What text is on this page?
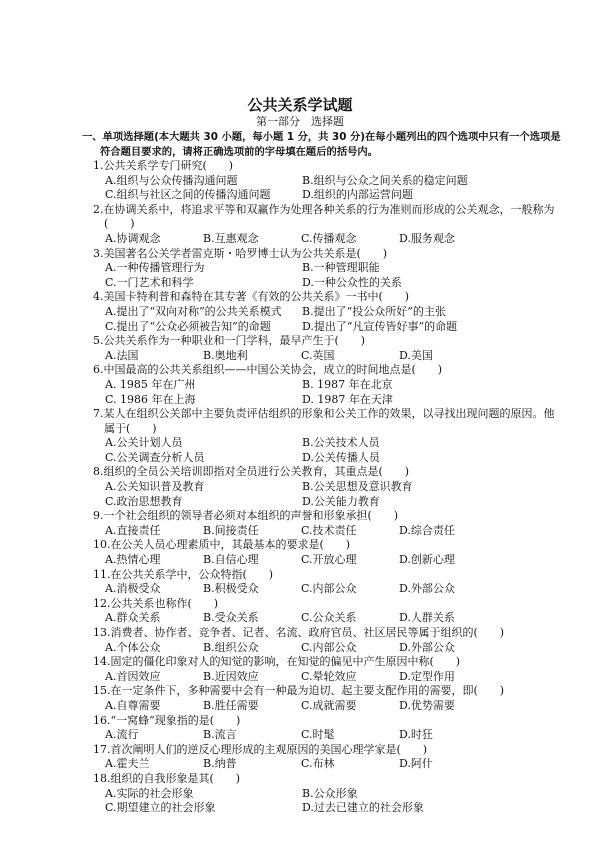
公共关系学试题

第一部分　选择题

一、单项选择题(本大题共 30 小题，每小题 1 分，共 30 分)在每小题列出的四个选项中只有一个选项是符合题目要求的，请将正确选项前的字母填在题后的括号内。

1.公共关系学专门研究(　　)

A.组织与公众传播沟通问题	B.组织与公众之间关系的稳定问题
C.组织与社区之间的传播沟通问题	D.组织的内部运营问题

2.在协调关系中，将追求平等和双赢作为处理各种关系的行为准则而形成的公关观念，一般称为(　　)

A.协调观念	B.互惠观念	C.传播观念	D.服务观念

3.美国著名公关学者雷克斯・哈罗博士认为公共关系是(　　)

A.一种传播管理行为	B.一种管理职能
C.一门艺术和科学	D.一种公众性的关系

4.美国卡特利普和森特在其专著《有效的公共关系》一书中(　　)

A.提出了“双向对称”的公共关系模式	B.提出了“投公众所好”的主张
C.提出了“公众必须被告知”的命题	D.提出了“凡宣传皆好事”的命题

5.公共关系作为一种职业和一门学科，最早产生于(　　)

A.法国	B.奥地利	C.英国	D.美国

6.中国最高的公共关系组织——中国公关协会，成立的时间地点是(　　)

A. 1985 年在广州	B. 1987 年在北京
C. 1986 年在上海	D. 1987 年在天津

7.某人在组织公关部中主要负责评估组织的形象和公关工作的效果，以寻找出现问题的原因。他属于(　　)

A.公关计划人员	B.公关技术人员
C.公关调查分析人员	D.公关传播人员

8.组织的全员公关培训即指对全员进行公关教育，其重点是(　　)

A.公关知识普及教育	B.公关思想及意识教育
C.政治思想教育	D.公关能力教育

9.一个社会组织的领导者必须对本组织的声誉和形象承担(　　)

A.直接责任	B.间接责任	C.技术责任	D.综合责任

10.在公关人员心理素质中，其最基本的要求是(　　)

A.热情心理	B.自信心理	C.开放心理	D.创新心理

11.在公共关系学中，公众特指(　　)

A.消极受众	B.积极受众	C.内部公众	D.外部公众

12.公共关系也称作(　　)

A.群众关系	B.受众关系	C.公众关系	D.人群关系

13.消费者、协作者、竞争者、记者、名流、政府官员、社区居民等属于组织的(　　)

A.个体公众	B.组织公众	C.内部公众	D.外部公众

14.固定的僵化印象对人的知觉的影响，在知觉的偏见中产生原因中称(　　)

A.首因效应	B.近因效应	C.晕轮效应	D.定型作用

15.在一定条件下，多种需要中会有一种最为迫切、起主要支配作用的需要，即(　　)

A.自尊需要	B.胜任需要	C.成就需要	D.优势需要

16.“一窝蜂”现象指的是(　　)

A.流行	B.流言	C.时髦	D.时狂

17.首次阐明人们的逆反心理形成的主观原因的美国心理学家是(　　)

A.霍夫兰	B.纳普	C.布林	D.阿什

18.组织的自我形象是其(　　)

A.实际的社会形象	B.公众形象
C.期望建立的社会形象	D.过去已建立的社会形象
